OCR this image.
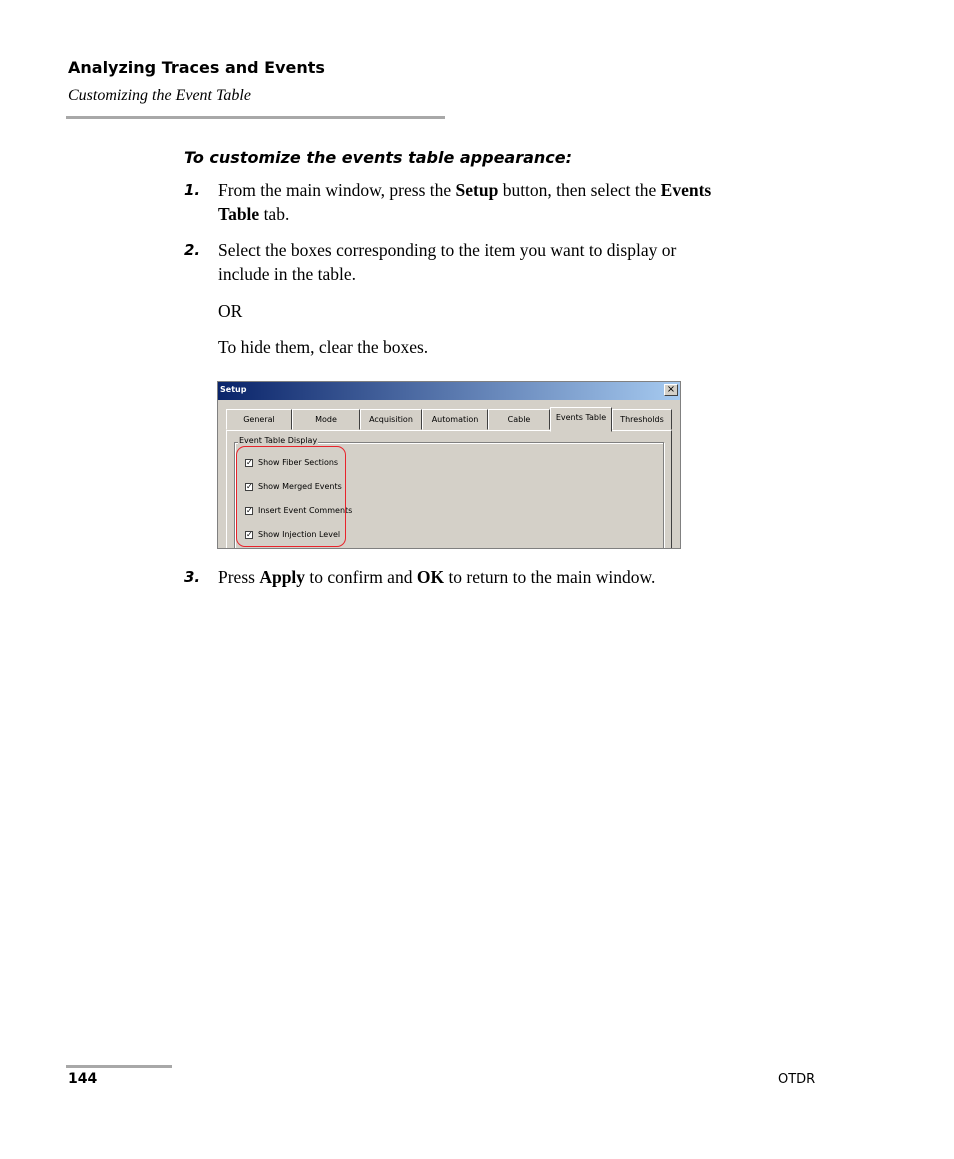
Analyzing Traces and Events
Customizing the Event Table
To customize the events table appearance:
1. From the main window, press the Setup button, then select the Events
Table tab.
2. Select the boxes corresponding to the item you want to display or
include in the table.
OR
To hide them, clear the boxes.
Setup	×
General	Mode	Acquisition	Automation	Cable	Events Table	Thresholds
Event Table Display
✓ Show Fiber Sections
✓ Show Merged Events
✓ Insert Event Comments
✓ Show Injection Level
3. Press Apply to confirm and OK to return to the main window.
144	OTDR
